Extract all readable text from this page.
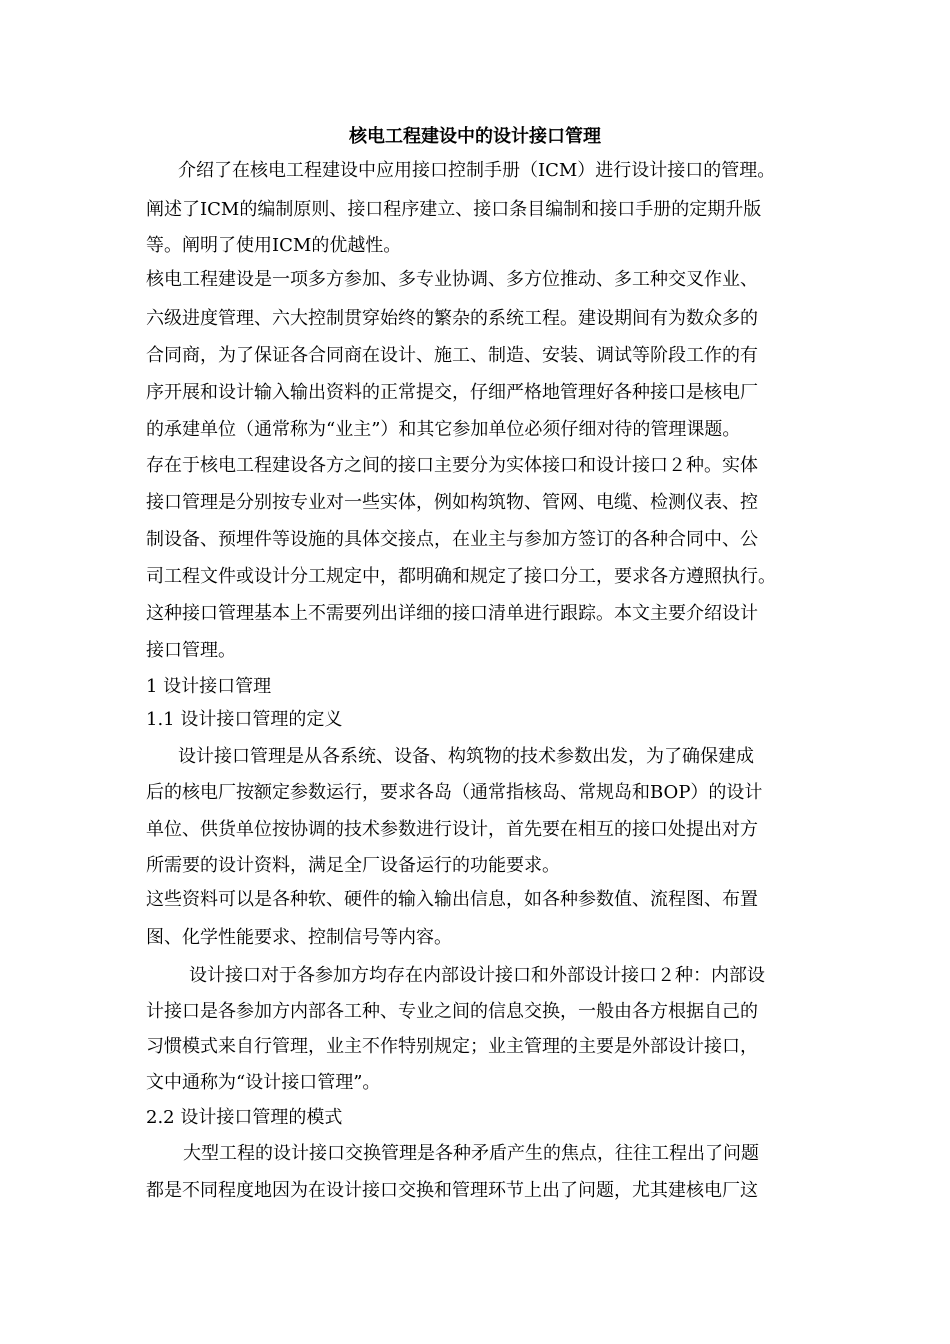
核电工程建设中的设计接口管理

介绍了在核电工程建设中应用接口控制手册（ICM）进行设计接口的管理。

阐述了ICM的编制原则、接口程序建立、接口条目编制和接口手册的定期升版

等。阐明了使用ICM的优越性。

核电工程建设是一项多方参加、多专业协调、多方位推动、多工种交叉作业、

六级进度管理、六大控制贯穿始终的繁杂的系统工程。建设期间有为数众多的

合同商，为了保证各合同商在设计、施工、制造、安装、调试等阶段工作的有

序开展和设计输入输出资料的正常提交，仔细严格地管理好各种接口是核电厂

的承建单位（通常称为“业主”）和其它参加单位必须仔细对待的管理课题。

存在于核电工程建设各方之间的接口主要分为实体接口和设计接口２种。实体

接口管理是分别按专业对一些实体，例如构筑物、管网、电缆、检测仪表、控

制设备、预埋件等设施的具体交接点，在业主与参加方签订的各种合同中、公

司工程文件或设计分工规定中，都明确和规定了接口分工，要求各方遵照执行。

这种接口管理基本上不需要列出详细的接口清单进行跟踪。本文主要介绍设计

接口管理。

1 设计接口管理

1.1 设计接口管理的定义

设计接口管理是从各系统、设备、构筑物的技术参数出发，为了确保建成

后的核电厂按额定参数运行，要求各岛（通常指核岛、常规岛和BOP）的设计

单位、供货单位按协调的技术参数进行设计，首先要在相互的接口处提出对方

所需要的设计资料，满足全厂设备运行的功能要求。

这些资料可以是各种软、硬件的输入输出信息，如各种参数值、流程图、布置

图、化学性能要求、控制信号等内容。

设计接口对于各参加方均存在内部设计接口和外部设计接口２种：内部设

计接口是各参加方内部各工种、专业之间的信息交换，一般由各方根据自己的

习惯模式来自行管理，业主不作特别规定；业主管理的主要是外部设计接口，

文中通称为“设计接口管理”。

2.2 设计接口管理的模式

大型工程的设计接口交换管理是各种矛盾产生的焦点，往往工程出了问题

都是不同程度地因为在设计接口交换和管理环节上出了问题，尤其建核电厂这
